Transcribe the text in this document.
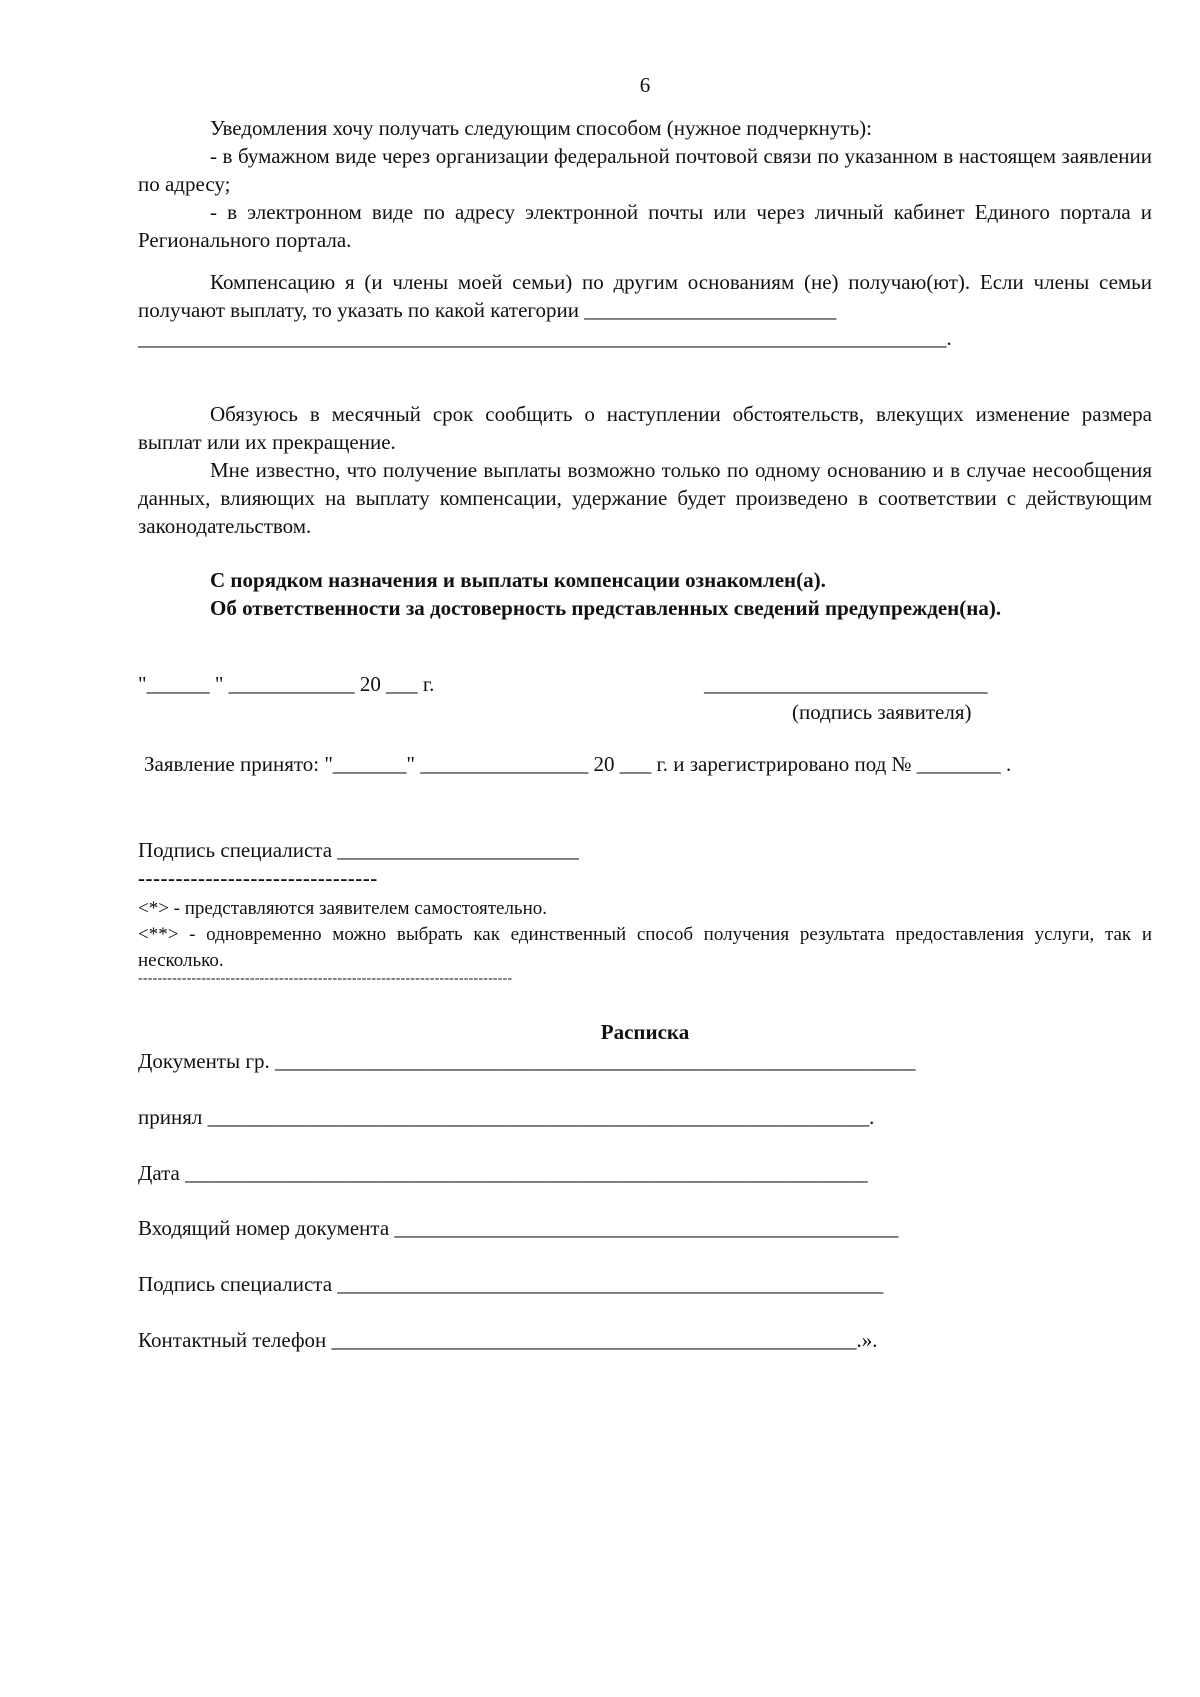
6
Уведомления хочу получать следующим способом (нужное подчеркнуть):
- в бумажном виде через организации федеральной почтовой связи по указанном в настоящем заявлении по адресу;
- в электронном виде по адресу электронной почты или через личный кабинет Единого портала и Регионального портала.
Компенсацию я (и члены моей семьи) по другим основаниям (не) получаю(ют). Если члены семьи получают выплату, то указать по какой категории ________________________
_____________________________________________________________________________.
Обязуюсь в месячный срок сообщить о наступлении обстоятельств, влекущих изменение размера выплат или их прекращение.
Мне известно, что получение выплаты возможно только по одному основанию и в случае несообщения данных, влияющих на выплату компенсации, удержание будет произведено в соответствии с действующим законодательством.
С порядком назначения и выплаты компенсации ознакомлен(а).
Об ответственности за достоверность представленных сведений предупрежден(на).
"______ " ____________ 20 ___ г.	___________________________
(подпись заявителя)
Заявление принято: "_______" ________________ 20 ___ г. и зарегистрировано под № ________ .
Подпись специалиста _______________________
--------------------------------
<*> - представляются заявителем самостоятельно.
<**> - одновременно можно выбрать как единственный способ получения результата предоставления услуги, так и несколько.
-----------------------------------------------------------------------------
Расписка
Документы гр. _____________________________________________________________
принял _______________________________________________________________.
Дата _________________________________________________________________
Входящий номер документа ________________________________________________
Подпись специалиста ____________________________________________________
Контактный телефон __________________________________________________.».
